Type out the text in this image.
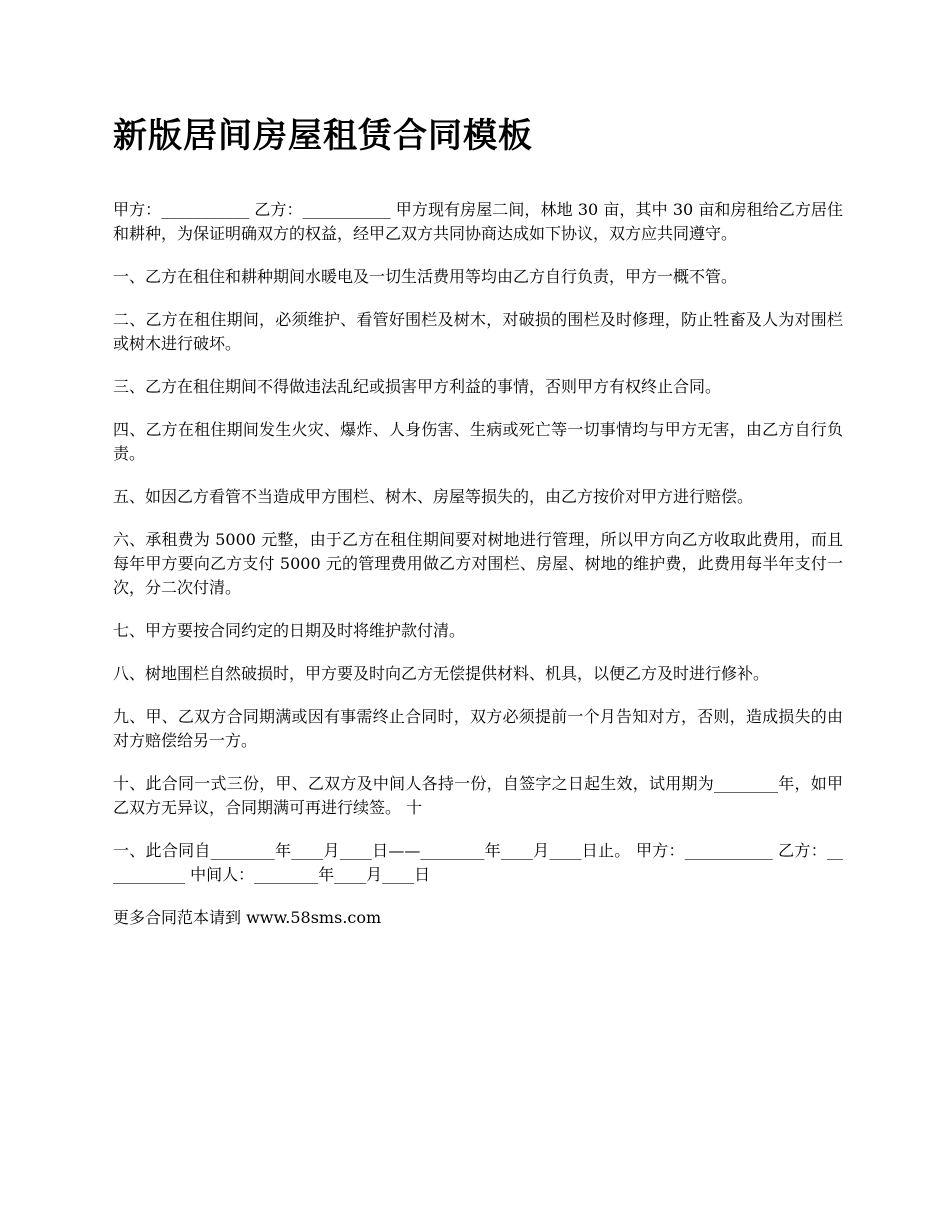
新版居间房屋租赁合同模板

甲方：___________ 乙方：___________ 甲方现有房屋二间，林地 30 亩，其中 30 亩和房租给乙方居住和耕种，为保证明确双方的权益，经甲乙双方共同协商达成如下协议，双方应共同遵守。

一、乙方在租住和耕种期间水暖电及一切生活费用等均由乙方自行负责，甲方一概不管。

二、乙方在租住期间，必须维护、看管好围栏及树木，对破损的围栏及时修理，防止牲畜及人为对围栏或树木进行破坏。

三、乙方在租住期间不得做违法乱纪或损害甲方利益的事情，否则甲方有权终止合同。

四、乙方在租住期间发生火灾、爆炸、人身伤害、生病或死亡等一切事情均与甲方无害，由乙方自行负责。

五、如因乙方看管不当造成甲方围栏、树木、房屋等损失的，由乙方按价对甲方进行赔偿。

六、承租费为 5000 元整，由于乙方在租住期间要对树地进行管理，所以甲方向乙方收取此费用，而且每年甲方要向乙方支付 5000 元的管理费用做乙方对围栏、房屋、树地的维护费，此费用每半年支付一次，分二次付清。

七、甲方要按合同约定的日期及时将维护款付清。

八、树地围栏自然破损时，甲方要及时向乙方无偿提供材料、机具，以便乙方及时进行修补。

九、甲、乙双方合同期满或因有事需终止合同时，双方必须提前一个月告知对方，否则，造成损失的由对方赔偿给另一方。

十、此合同一式三份，甲、乙双方及中间人各持一份，自签字之日起生效，试用期为________年，如甲乙双方无异议，合同期满可再进行续签。 十

一、此合同自________年____月____日——________年____月____日止。 甲方：___________ 乙方：___________ 中间人：________年____月____日

更多合同范本请到 www.58sms.com
